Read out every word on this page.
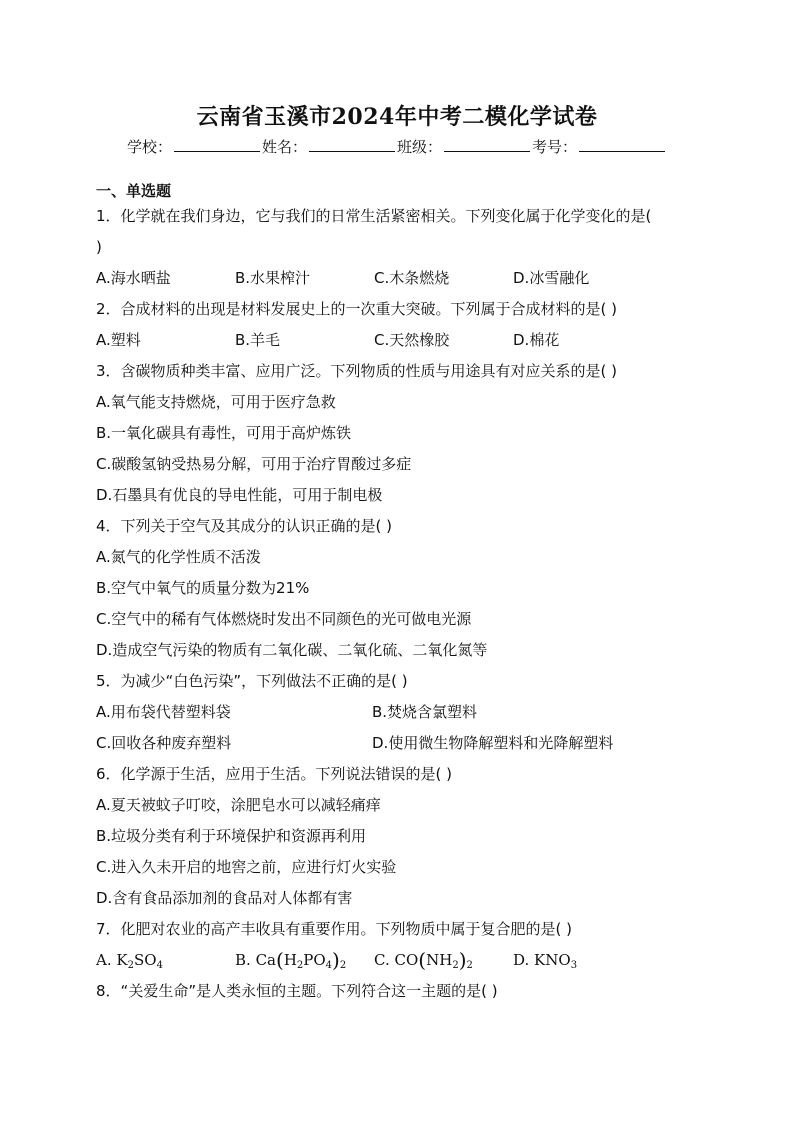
云南省玉溪市2024年中考二模化学试卷
学校：	姓名：	班级：	考号：
一、单选题
1．化学就在我们身边，它与我们的日常生活紧密相关。下列变化属于化学变化的是(
)
A.海水晒盐	B.水果榨汁	C.木条燃烧	D.冰雪融化
2．合成材料的出现是材料发展史上的一次重大突破。下列属于合成材料的是( )
A.塑料	B.羊毛	C.天然橡胶	D.棉花
3．含碳物质种类丰富、应用广泛。下列物质的性质与用途具有对应关系的是( )
A.氧气能支持燃烧，可用于医疗急救
B.一氧化碳具有毒性，可用于高炉炼铁
C.碳酸氢钠受热易分解，可用于治疗胃酸过多症
D.石墨具有优良的导电性能，可用于制电极
4．下列关于空气及其成分的认识正确的是( )
A.氮气的化学性质不活泼
B.空气中氧气的质量分数为21%
C.空气中的稀有气体燃烧时发出不同颜色的光可做电光源
D.造成空气污染的物质有二氧化碳、二氧化硫、二氧化氮等
5．为减少“白色污染”，下列做法不正确的是( )
A.用布袋代替塑料袋	B.焚烧含氯塑料
C.回收各种废弃塑料	D.使用微生物降解塑料和光降解塑料
6．化学源于生活，应用于生活。下列说法错误的是( )
A.夏天被蚊子叮咬，涂肥皂水可以减轻痛痒
B.垃圾分类有利于环境保护和资源再利用
C.进入久未开启的地窖之前，应进行灯火实验
D.含有食品添加剂的食品对人体都有害
7．化肥对农业的高产丰收具有重要作用。下列物质中属于复合肥的是( )
A. $K_2SO_4$	B. $Ca(H_2PO_4)_2$	C. $CO(NH_2)_2$	D. $KNO_3$
8．“关爱生命”是人类永恒的主题。下列符合这一主题的是( )
